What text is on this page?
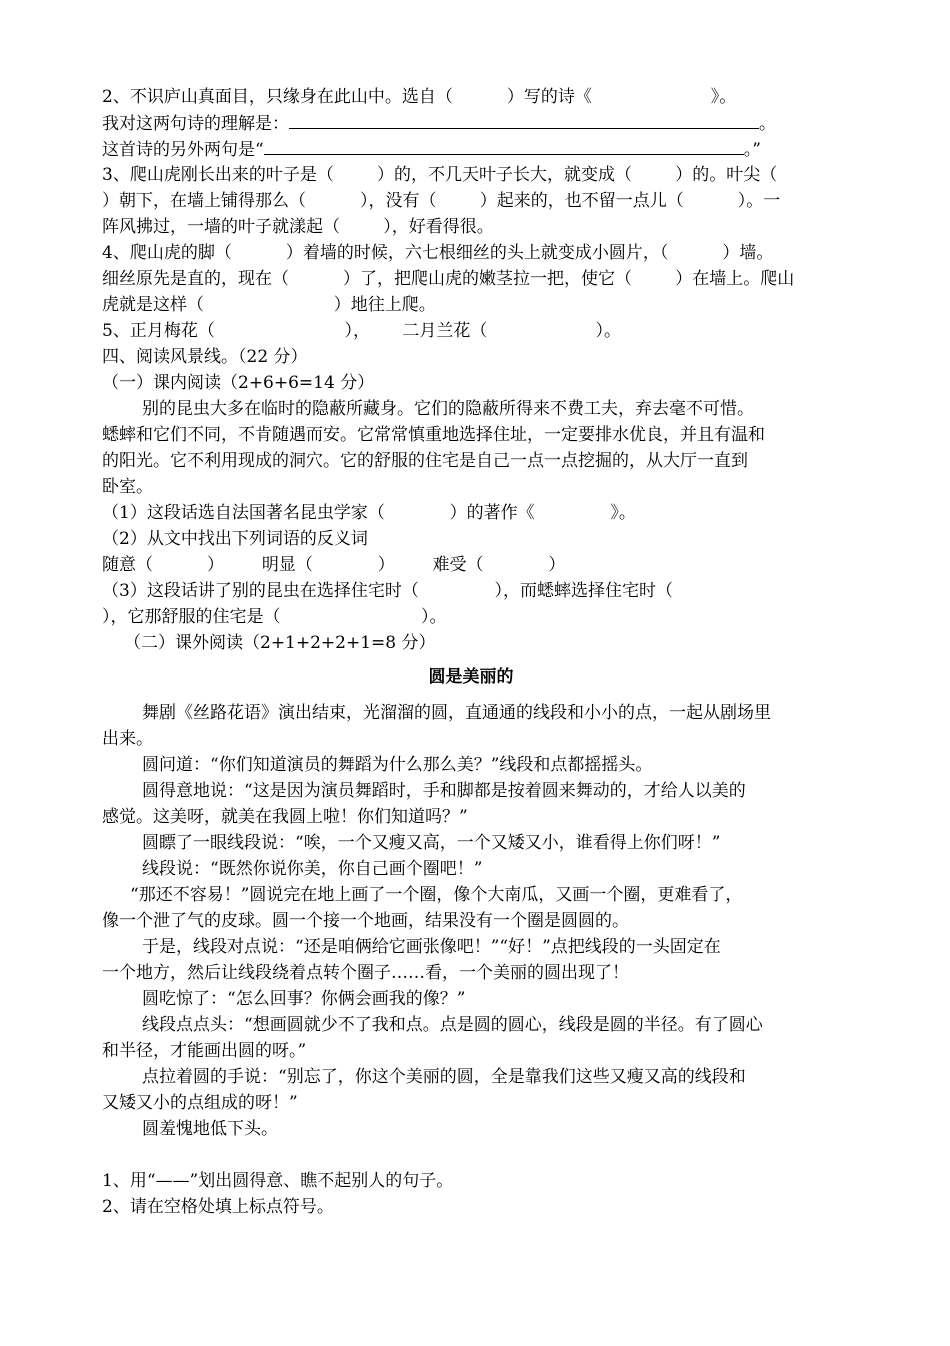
2、不识庐山真面目，只缘身在此山中。选自（          ）写的诗《                      》。
我对这两句诗的理解是：	。
这首诗的另外两句是“	。”
3、爬山虎刚长出来的叶子是（        ）的，不几天叶子长大，就变成（        ）的。叶尖（
）朝下，在墙上铺得那么（          ），没有（        ）起来的，也不留一点儿（          ）。一
阵风拂过，一墙的叶子就漾起（        ），好看得很。
4、爬山虎的脚（          ）着墙的时候，六七根细丝的头上就变成小圆片，（          ）墙。
细丝原先是直的，现在（          ）了，把爬山虎的嫩茎拉一把，使它（        ）在墙上。爬山
虎就是这样（                        ）地往上爬。
5、正月梅花（                        ），      二月兰花（                    ）。
四、阅读风景线。（22 分）
（一）课内阅读（2+6+6=14 分）
别的昆虫大多在临时的隐蔽所藏身。它们的隐蔽所得来不费工夫，弃去毫不可惜。
蟋蟀和它们不同，不肯随遇而安。它常常慎重地选择住址，一定要排水优良，并且有温和
的阳光。它不利用现成的洞穴。它的舒服的住宅是自己一点一点挖掘的，从大厅一直到
卧室。
（1）这段话选自法国著名昆虫学家（            ）的著作《              》。
（2）从文中找出下列词语的反义词
随意（          ）       明显（            ）       难受（            ）
（3）这段话讲了别的昆虫在选择住宅时（              ），而蟋蟀选择住宅时（
），它那舒服的住宅是（                          ）。
（二）课外阅读（2+1+2+2+1=8 分）
圆是美丽的
舞剧《丝路花语》演出结束，光溜溜的圆，直通通的线段和小小的点，一起从剧场里
出来。
圆问道：“你们知道演员的舞蹈为什么那么美？”线段和点都摇摇头。
圆得意地说：“这是因为演员舞蹈时，手和脚都是按着圆来舞动的，才给人以美的
感觉。这美呀，就美在我圆上啦！你们知道吗？”
圆瞟了一眼线段说：“唉，一个又瘦又高，一个又矮又小，谁看得上你们呀！”
线段说：“既然你说你美，你自己画个圈吧！”
“那还不容易！”圆说完在地上画了一个圈，像个大南瓜，又画一个圈，更难看了，
像一个泄了气的皮球。圆一个接一个地画，结果没有一个圈是圆圆的。
于是，线段对点说：“还是咱俩给它画张像吧！”“好！”点把线段的一头固定在
一个地方，然后让线段绕着点转个圈子……看，一个美丽的圆出现了！
圆吃惊了：“怎么回事？你俩会画我的像？”
线段点点头：“想画圆就少不了我和点。点是圆的圆心，线段是圆的半径。有了圆心
和半径，才能画出圆的呀。”
点拉着圆的手说：“别忘了，你这个美丽的圆，全是靠我们这些又瘦又高的线段和
又矮又小的点组成的呀！”
圆羞愧地低下头。
1、用“——”划出圆得意、瞧不起别人的句子。
2、请在空格处填上标点符号。
